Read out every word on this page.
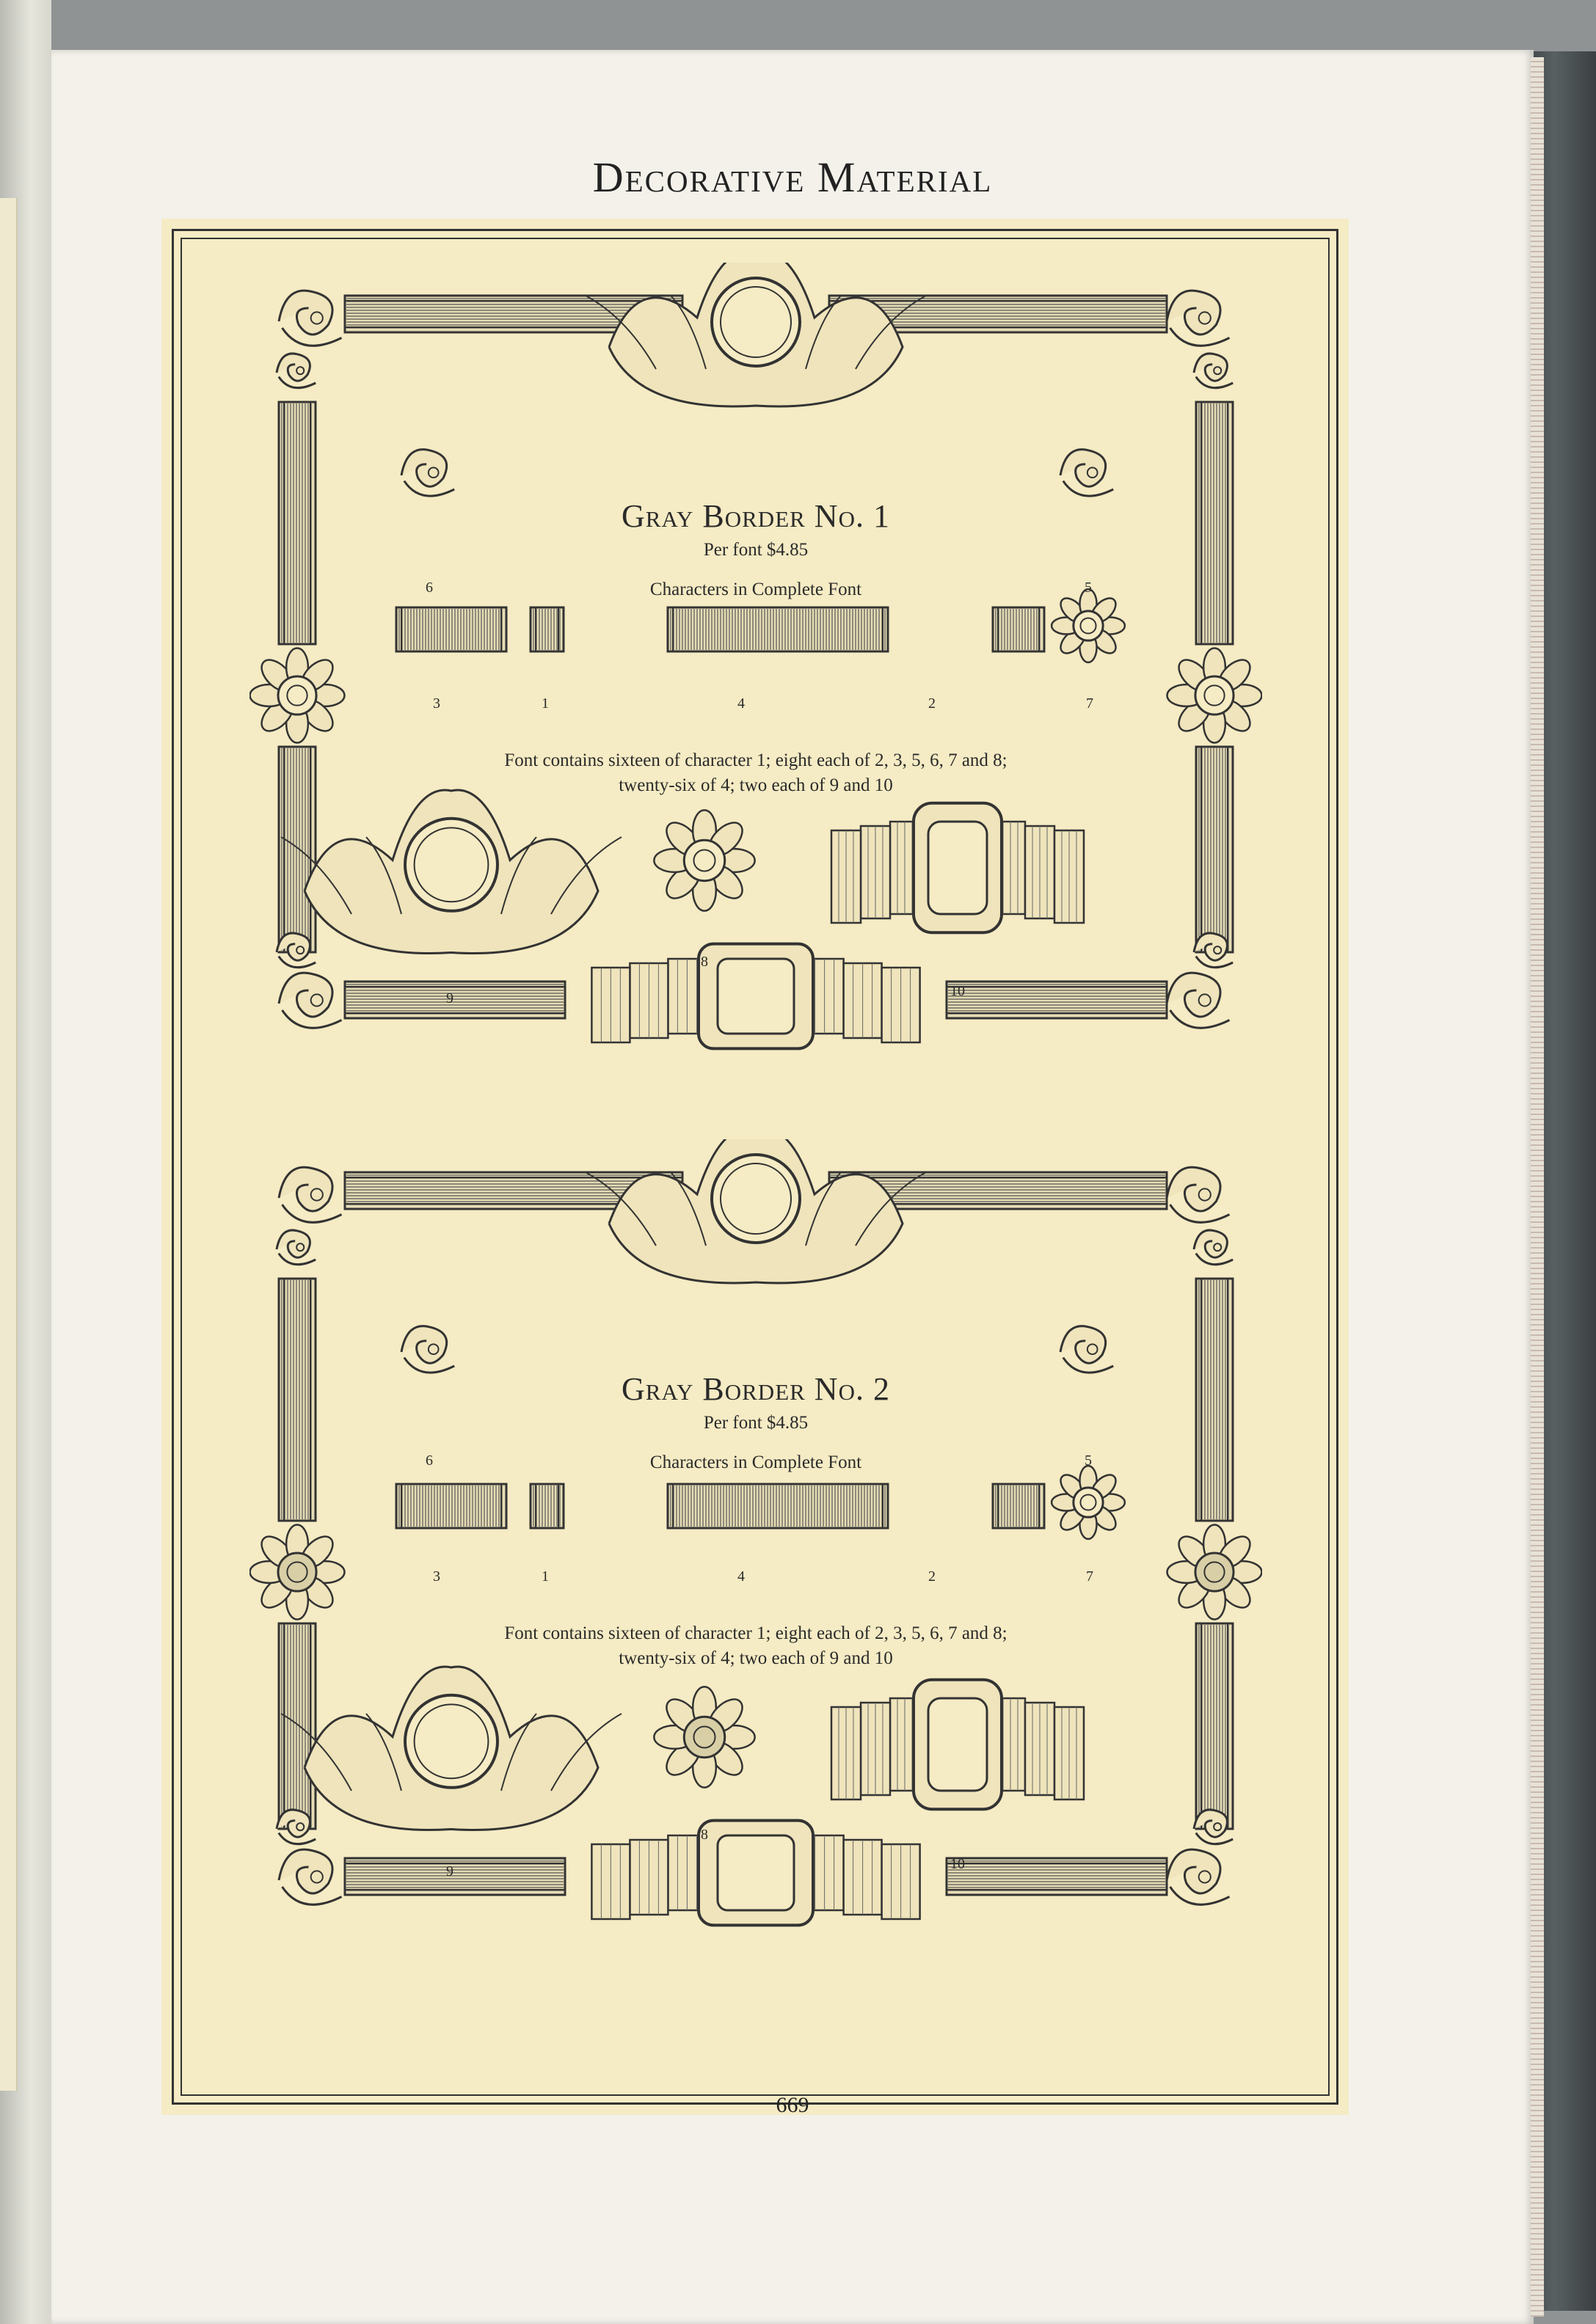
Decorative Material
Gray Border No. 1
Per font $4.85
Characters in Complete Font
6	5
3	1	4	2	7
Font contains sixteen of character 1; eight each of 2, 3, 5, 6, 7 and 8;
twenty-six of 4; two each of 9 and 10
8
9	10
Gray Border No. 2
Per font $4.85
Characters in Complete Font
6	5
3	1	4	2	7
Font contains sixteen of character 1; eight each of 2, 3, 5, 6, 7 and 8;
twenty-six of 4; two each of 9 and 10
8
9	10
669
